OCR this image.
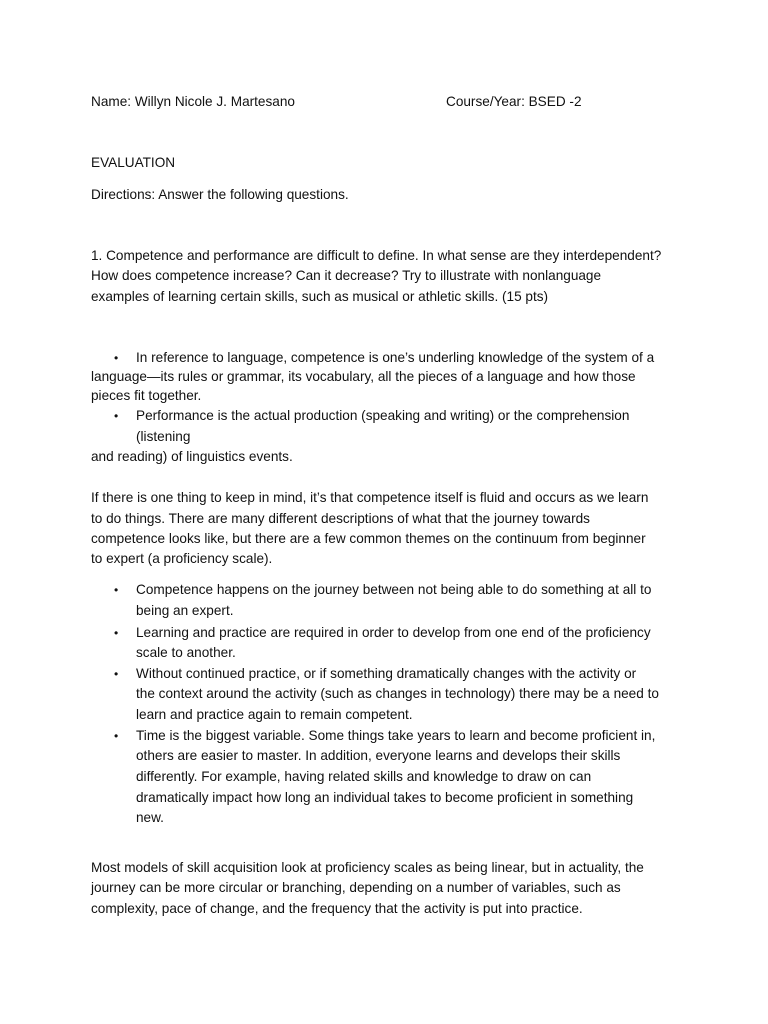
Name: Willyn Nicole J. Martesano	Course/Year: BSED -2
EVALUATION
Directions: Answer the following questions.
1. Competence and performance are difficult to define. In what sense are they interdependent?
How does competence increase? Can it decrease? Try to illustrate with nonlanguage
examples of learning certain skills, such as musical or athletic skills. (15 pts)
• In reference to language, competence is one’s underling knowledge of the system of a
language—its rules or grammar, its vocabulary, all the pieces of a language and how those
pieces fit together.
• Performance is the actual production (speaking and writing) or the comprehension
(listening
and reading) of linguistics events.
If there is one thing to keep in mind, it’s that competence itself is fluid and occurs as we learn
to do things. There are many different descriptions of what that the journey towards
competence looks like, but there are a few common themes on the continuum from beginner
to expert (a proficiency scale).
• Competence happens on the journey between not being able to do something at all to
being an expert.
• Learning and practice are required in order to develop from one end of the proficiency
scale to another.
• Without continued practice, or if something dramatically changes with the activity or
the context around the activity (such as changes in technology) there may be a need to
learn and practice again to remain competent.
• Time is the biggest variable. Some things take years to learn and become proficient in,
others are easier to master. In addition, everyone learns and develops their skills
differently. For example, having related skills and knowledge to draw on can
dramatically impact how long an individual takes to become proficient in something
new.
Most models of skill acquisition look at proficiency scales as being linear, but in actuality, the
journey can be more circular or branching, depending on a number of variables, such as
complexity, pace of change, and the frequency that the activity is put into practice.
